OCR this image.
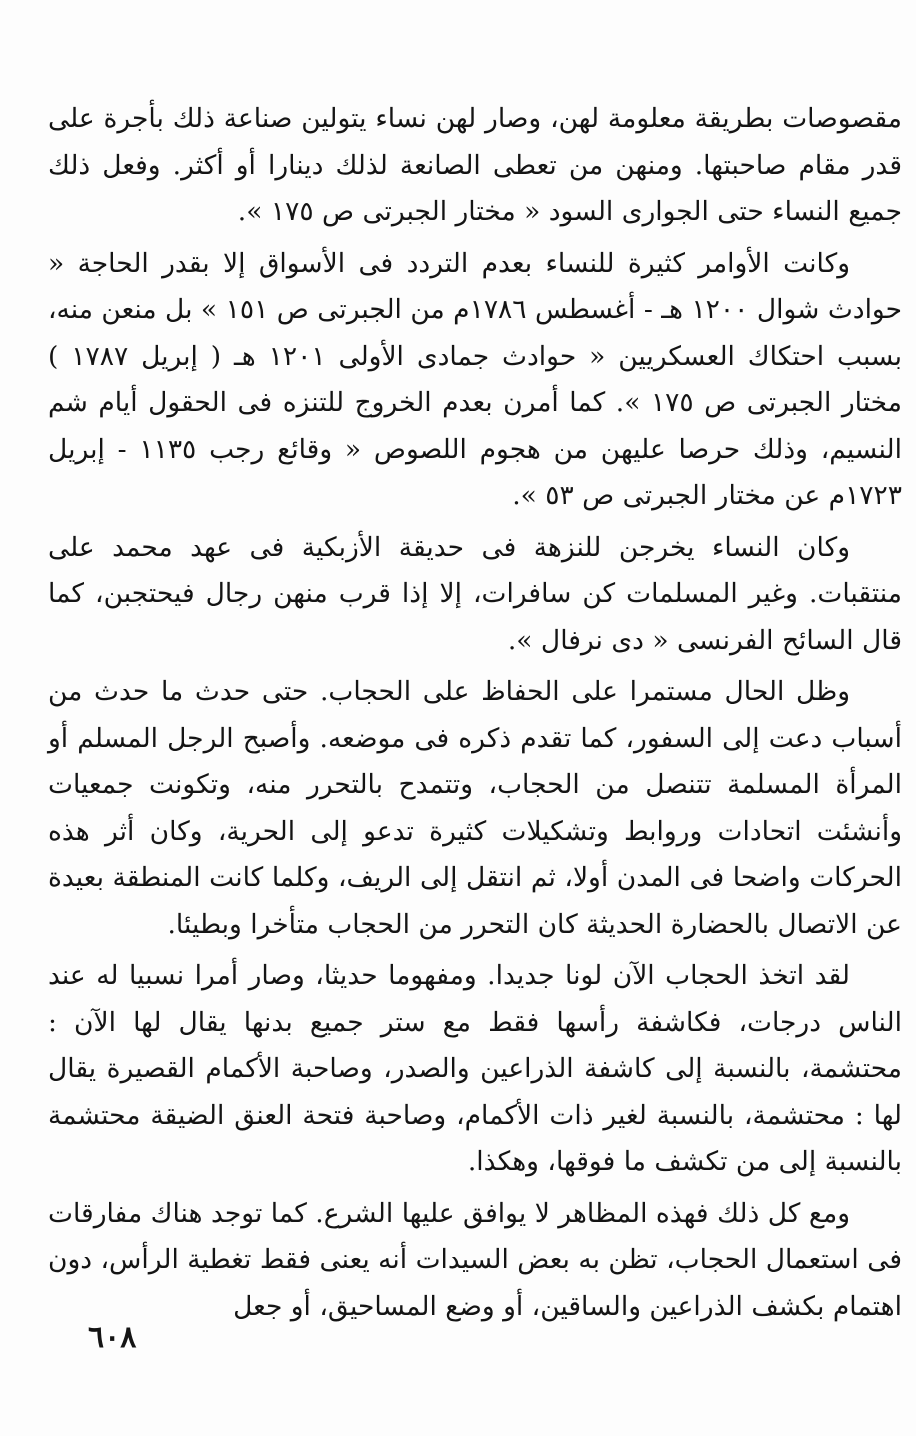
مقصوصات بطريقة معلومة لهن، وصار لهن نساء يتولين صناعة ذلك بأجرة على قدر مقام صاحبتها. ومنهن من تعطى الصانعة لذلك دينارا أو أكثر. وفعل ذلك جميع النساء حتى الجوارى السود « مختار الجبرتى ص ١٧٥ ».

وكانت الأوامر كثيرة للنساء بعدم التردد فى الأسواق إلا بقدر الحاجة « حوادث شوال ١٢٠٠ هـ - أغسطس ١٧٨٦م من الجبرتى ص ١٥١ » بل منعن منه، بسبب احتكاك العسكريين « حوادث جمادى الأولى ١٢٠١ هـ ( إبريل ١٧٨٧ ) مختار الجبرتى ص ١٧٥ ». كما أمرن بعدم الخروج للتنزه فى الحقول أيام شم النسيم، وذلك حرصا عليهن من هجوم اللصوص « وقائع رجب ١١٣٥ - إبريل ١٧٢٣م عن مختار الجبرتى ص ٥٣ ».

وكان النساء يخرجن للنزهة فى حديقة الأزبكية فى عهد محمد على منتقبات. وغير المسلمات كن سافرات، إلا إذا قرب منهن رجال فيحتجبن، كما قال السائح الفرنسى « دى نرفال ».

وظل الحال مستمرا على الحفاظ على الحجاب. حتى حدث ما حدث من أسباب دعت إلى السفور، كما تقدم ذكره فى موضعه. وأصبح الرجل المسلم أو المرأة المسلمة تتنصل من الحجاب، وتتمدح بالتحرر منه، وتكونت جمعيات وأنشئت اتحادات وروابط وتشكيلات كثيرة تدعو إلى الحرية، وكان أثر هذه الحركات واضحا فى المدن أولا، ثم انتقل إلى الريف، وكلما كانت المنطقة بعيدة عن الاتصال بالحضارة الحديثة كان التحرر من الحجاب متأخرا وبطيئا.

لقد اتخذ الحجاب الآن لونا جديدا. ومفهوما حديثا، وصار أمرا نسبيا له عند الناس درجات، فكاشفة رأسها فقط مع ستر جميع بدنها يقال لها الآن : محتشمة، بالنسبة إلى كاشفة الذراعين والصدر، وصاحبة الأكمام القصيرة يقال لها : محتشمة، بالنسبة لغير ذات الأكمام، وصاحبة فتحة العنق الضيقة محتشمة بالنسبة إلى من تكشف ما فوقها، وهكذا.

ومع كل ذلك فهذه المظاهر لا يوافق عليها الشرع. كما توجد هناك مفارقات فى استعمال الحجاب، تظن به بعض السيدات أنه يعنى فقط تغطية الرأس، دون اهتمام بكشف الذراعين والساقين، أو وضع المساحيق، أو جعل

٦٠٨
